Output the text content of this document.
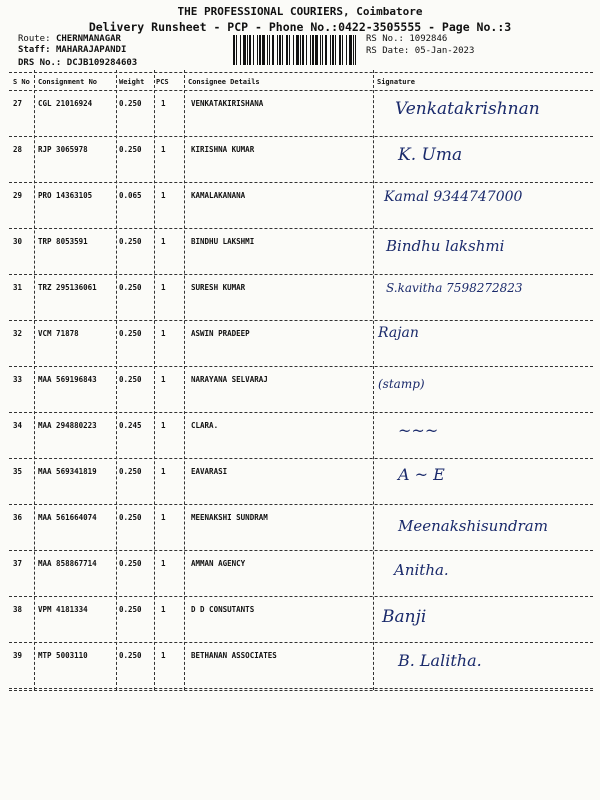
THE PROFESSIONAL COURIERS, Coimbatore
Delivery Runsheet - PCP - Phone No.:0422-3505555 - Page No.:3
Route: CHERNMANAGAR
Staff: MAHARAJAPANDI
DRS No.: DCJB109284603
RS No.: 1092846
RS Date: 05-Jan-2023
S No Consignment No	Weight PCS	Consignee Details	Signature
27 CGL 21016924	0.250	1	VENKATAKIRISHANA	Venkatakrishnan
28 RJP 3065978	0.250	1	KIRISHNA KUMAR	K. Uma
29 PRO 14363105	0.065	1	KAMALAKANANA	Kamal 9344747000
30 TRP 8053591	0.250	1	BINDHU LAKSHMI	Bindhu lakshmi
31 TRZ 295136061	0.250	1	SURESH KUMAR	S.kavitha 7598272823
32 VCM 71878	0.250	1	ASWIN PRADEEP	Rajan
33 MAA 569196843	0.250	1	NARAYANA SELVARAJ	(stamp)
34 MAA 294880223	0.245	1	CLARA.	~~~
35 MAA 569341819	0.250	1	EAVARASI	A ~ E
36 MAA 561664074	0.250	1	MEENAKSHI SUNDRAM	Meenakshisundram
37 MAA 858867714	0.250	1	AMMAN AGENCY	Anitha.
38 VPM 4181334	0.250	1	D D CONSUTANTS	Banji
39 MTP 5003110	0.250	1	BETHANAN ASSOCIATES	B. Lalitha.
